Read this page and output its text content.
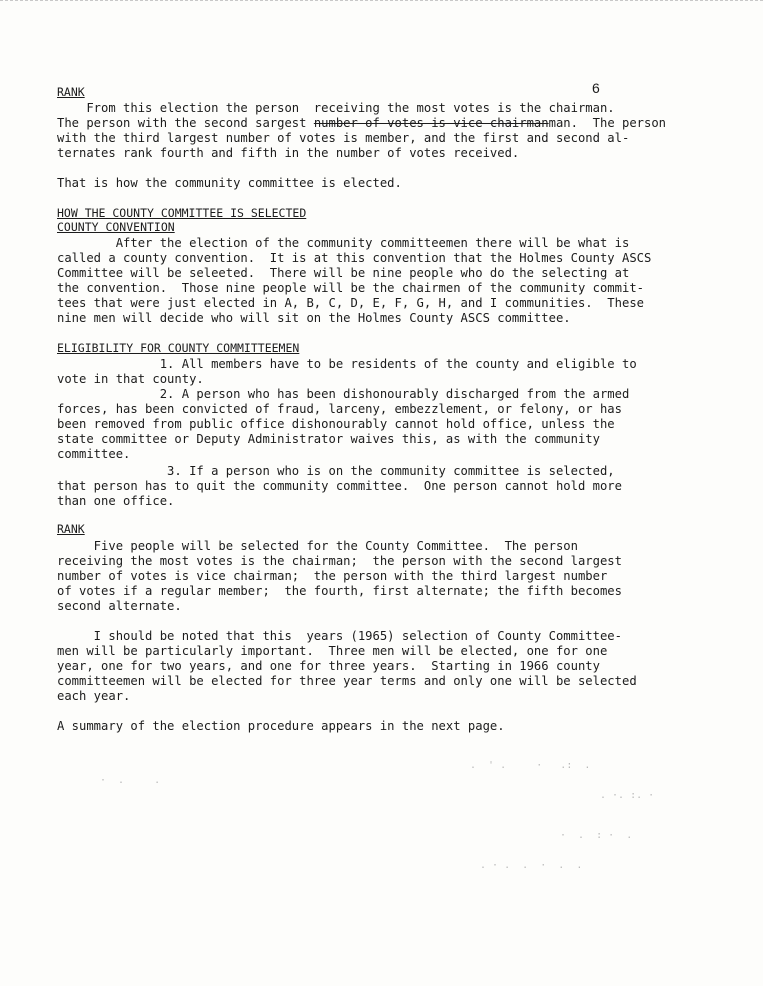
6
RANK
From this election the person  receiving the most votes is the chairman.
The person with the second sargest number of votes is vice chairmanman.  The person
with the third largest number of votes is member, and the first and second al-
ternates rank fourth and fifth in the number of votes received.
That is how the community committee is elected.
HOW THE COUNTY COMMITTEE IS SELECTED
COUNTY CONVENTION
After the election of the community committeemen there will be what is
called a county convention.  It is at this convention that the Holmes County ASCS
Committee will be seleeted.  There will be nine people who do the selecting at
the convention.  Those nine people will be the chairmen of the community commit-
tees that were just elected in A, B, C, D, E, F, G, H, and I communities.  These
nine men will decide who will sit on the Holmes County ASCS committee.
ELIGIBILITY FOR COUNTY COMMITTEEMEN
1. All members have to be residents of the county and eligible to
vote in that county.
2. A person who has been dishonourably discharged from the armed
forces, has been convicted of fraud, larceny, embezzlement, or felony, or has
been removed from public office dishonourably cannot hold office, unless the
state committee or Deputy Administrator waives this, as with the community
committee.
3. If a person who is on the community committee is selected,
that person has to quit the community committee.  One person cannot hold more
than one office.
RANK
Five people will be selected for the County Committee.  The person
receiving the most votes is the chairman;  the person with the second largest
number of votes is vice chairman;  the person with the third largest number
of votes if a regular member;  the fourth, first alternate; the fifth becomes
second alternate.
I should be noted that this  years (1965) selection of County Committee-
men will be particularly important.  Three men will be elected, one for one
year, one for two years, and one for three years.  Starting in 1966 county
committeemen will be elected for three year terms and only one will be selected
each year.
A summary of the election procedure appears in the next page.
.  ' .     ·   .:  .
. ·. :. ·
·  .  : ·  .
. · .  .  ·  .  .
·  .     .
